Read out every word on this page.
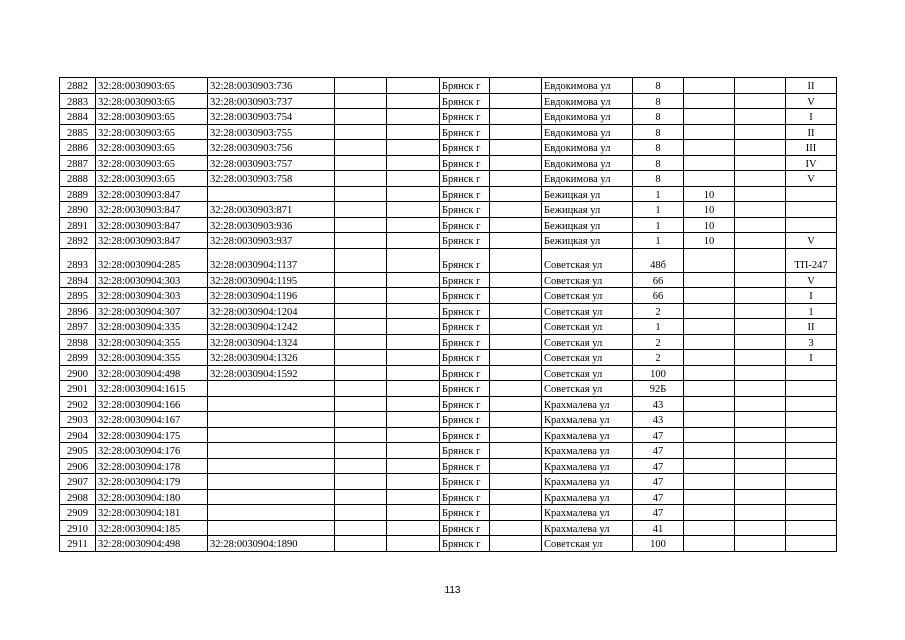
2882	32:28:0030903:65	32:28:0030903:736			Брянск г		Евдокимова ул	8			II
2883	32:28:0030903:65	32:28:0030903:737			Брянск г		Евдокимова ул	8			V
2884	32:28:0030903:65	32:28:0030903:754			Брянск г		Евдокимова ул	8			I
2885	32:28:0030903:65	32:28:0030903:755			Брянск г		Евдокимова ул	8			II
2886	32:28:0030903:65	32:28:0030903:756			Брянск г		Евдокимова ул	8			III
2887	32:28:0030903:65	32:28:0030903:757			Брянск г		Евдокимова ул	8			IV
2888	32:28:0030903:65	32:28:0030903:758			Брянск г		Евдокимова ул	8			V
2889	32:28:0030903:847				Брянск г		Бежицкая ул	1	10		
2890	32:28:0030903:847	32:28:0030903:871			Брянск г		Бежицкая ул	1	10		
2891	32:28:0030903:847	32:28:0030903:936			Брянск г		Бежицкая ул	1	10		
2892	32:28:0030903:847	32:28:0030903:937			Брянск г		Бежицкая ул	1	10		V
2893	32:28:0030904:285	32:28:0030904:1137			Брянск г		Советская ул	48б			ТП-247
2894	32:28:0030904:303	32:28:0030904:1195			Брянск г		Советская ул	66			V
2895	32:28:0030904:303	32:28:0030904:1196			Брянск г		Советская ул	66			I
2896	32:28:0030904:307	32:28:0030904:1204			Брянск г		Советская ул	2			1
2897	32:28:0030904:335	32:28:0030904:1242			Брянск г		Советская ул	1			II
2898	32:28:0030904:355	32:28:0030904:1324			Брянск г		Советская ул	2			3
2899	32:28:0030904:355	32:28:0030904:1326			Брянск г		Советская ул	2			I
2900	32:28:0030904:498	32:28:0030904:1592			Брянск г		Советская ул	100			
2901	32:28:0030904:1615				Брянск г		Советская ул	92Б			
2902	32:28:0030904:166				Брянск г		Крахмалева ул	43			
2903	32:28:0030904:167				Брянск г		Крахмалева ул	43			
2904	32:28:0030904:175				Брянск г		Крахмалева ул	47			
2905	32:28:0030904:176				Брянск г		Крахмалева ул	47			
2906	32:28:0030904:178				Брянск г		Крахмалева ул	47			
2907	32:28:0030904:179				Брянск г		Крахмалева ул	47			
2908	32:28:0030904:180				Брянск г		Крахмалева ул	47			
2909	32:28:0030904:181				Брянск г		Крахмалева ул	47			
2910	32:28:0030904:185				Брянск г		Крахмалева ул	41			
2911	32:28:0030904:498	32:28:0030904:1890			Брянск г		Советская ул	100			
113
